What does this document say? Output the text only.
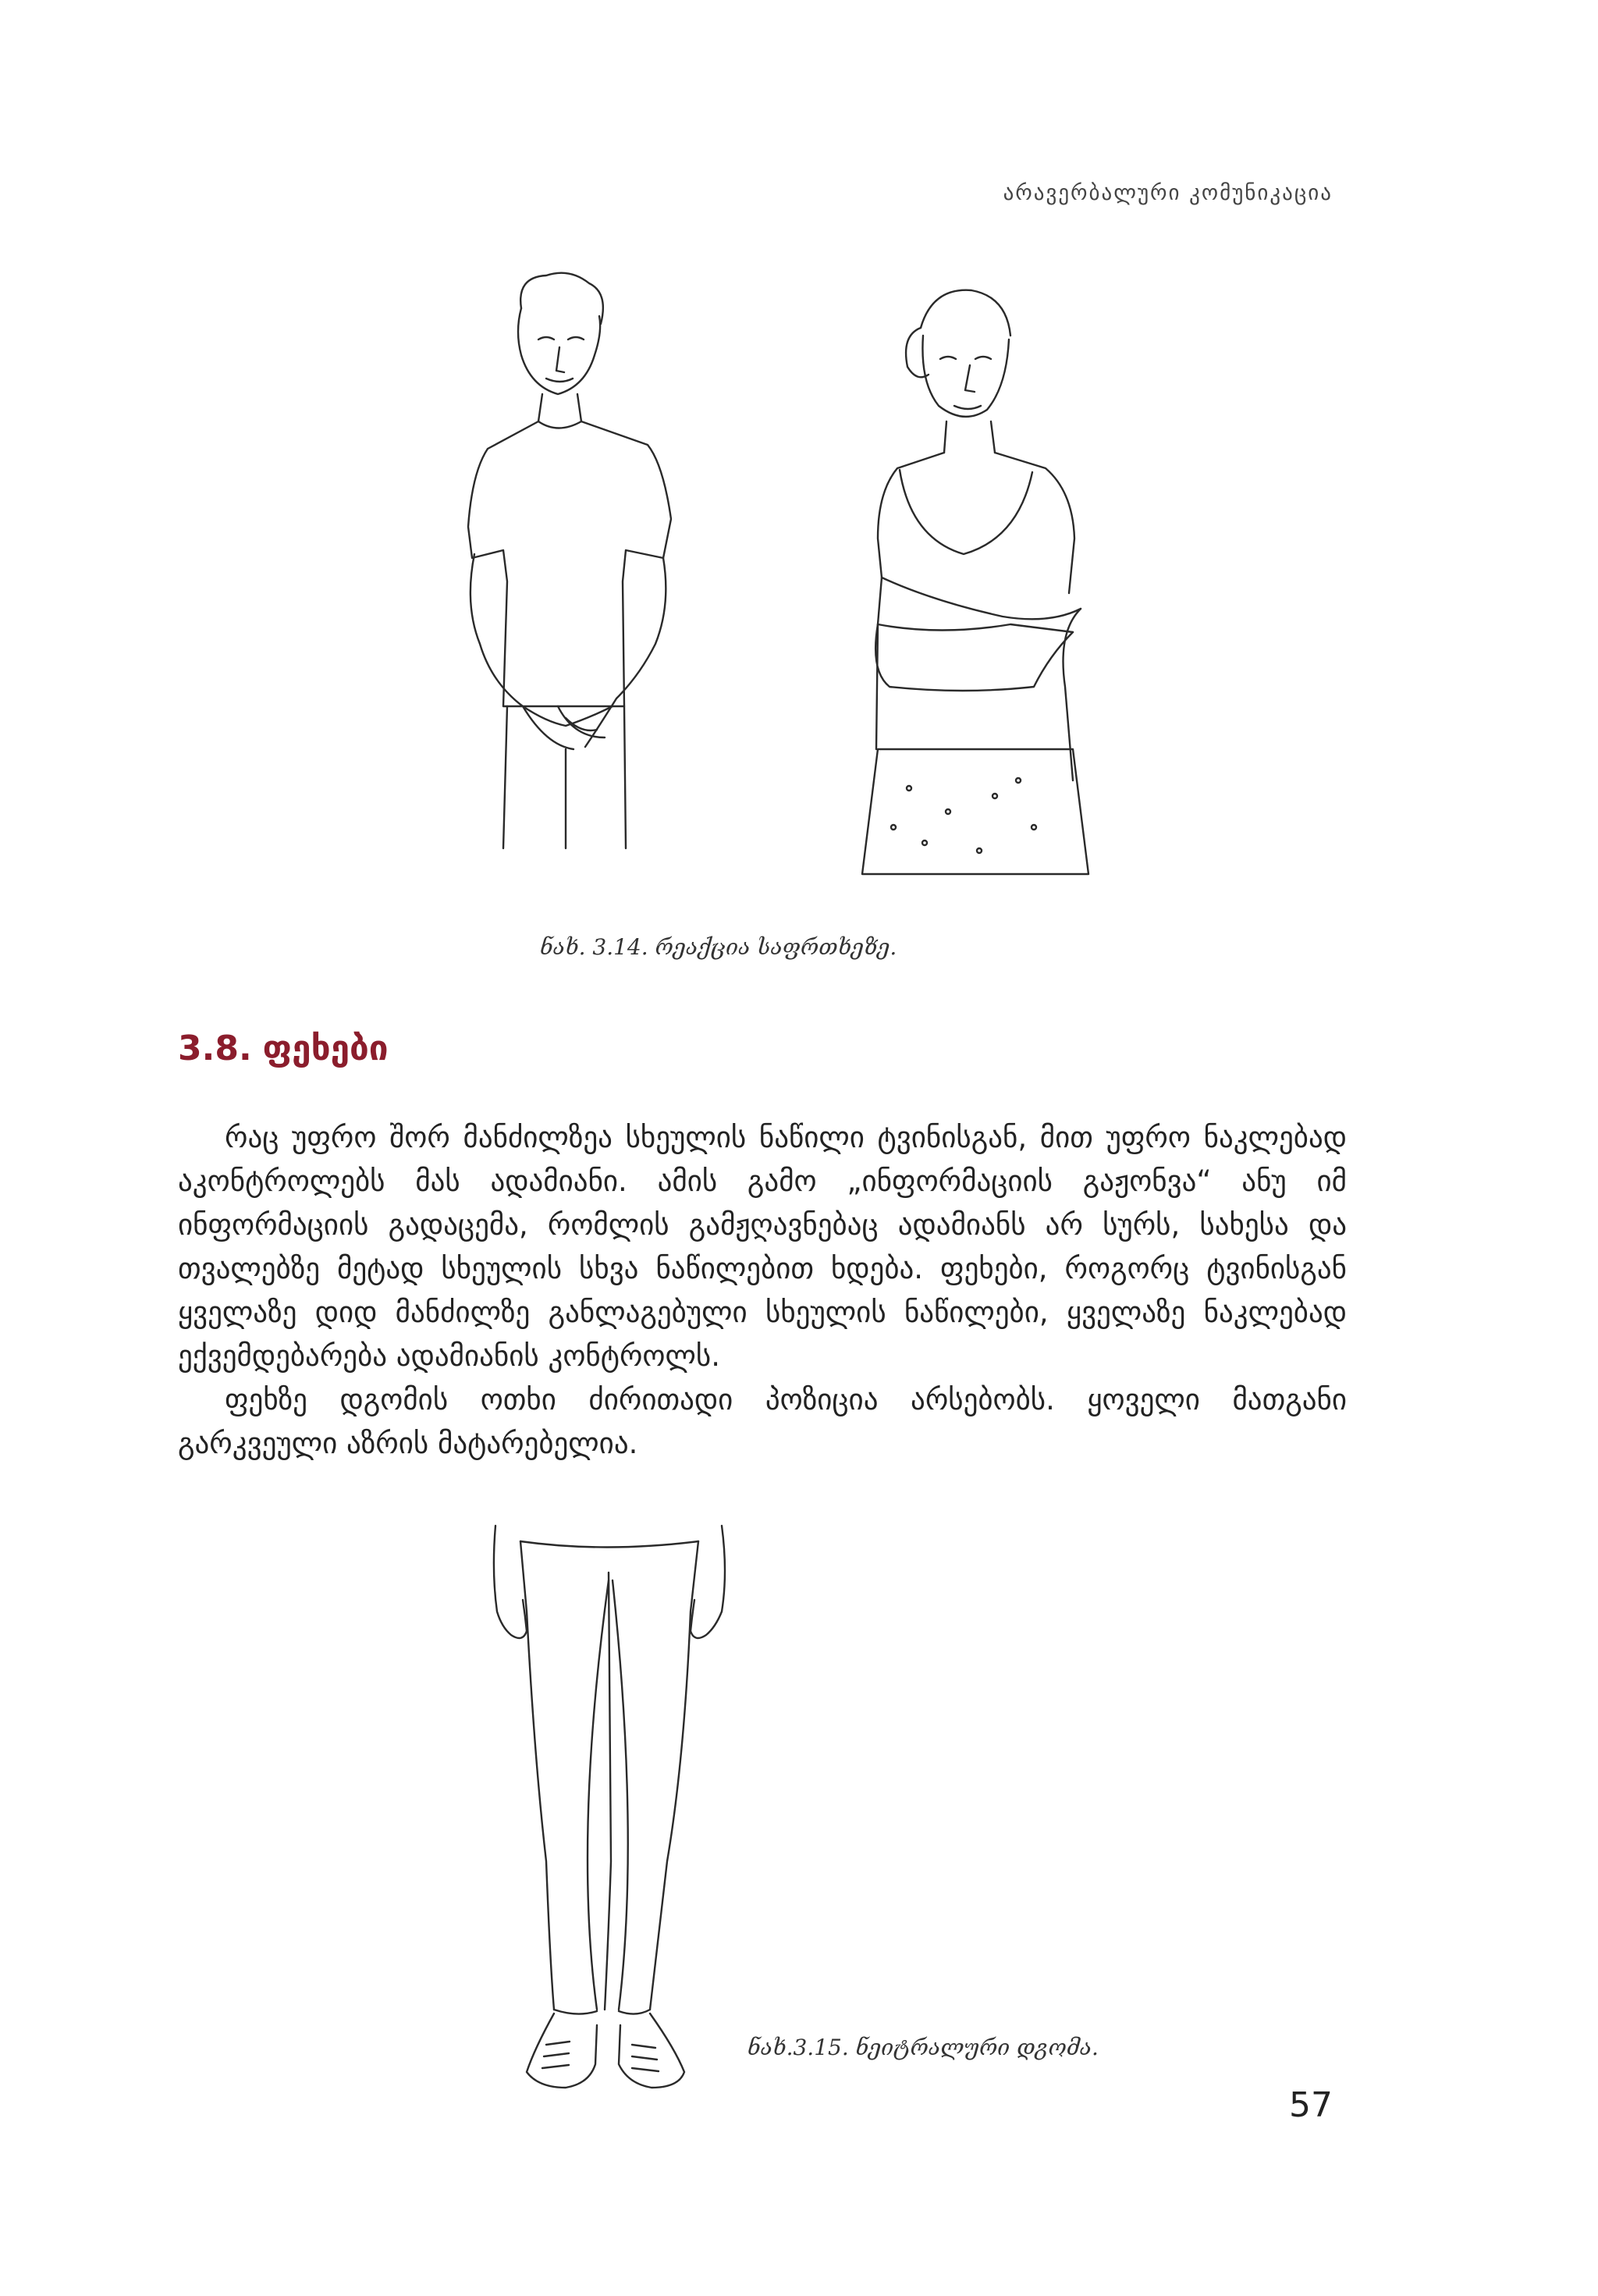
არავერბალური კომუნიკაცია
ნახ. 3.14. რეაქცია საფრთხეზე.
3.8. ფეხები

რაც უფრო შორ მანძილზეა სხეულის ნაწილი ტვინისგან, მით უფრო ნაკლებად აკონტროლებს მას ადამიანი. ამის გამო „ინფორმაციის გაჟონვა“ ანუ იმ ინფორმაციის გადაცემა, რომლის გამჟღავნებაც ადამიანს არ სურს, სახესა და თვალებზე მეტად სხეულის სხვა ნაწილებით ხდება. ფეხები, როგორც ტვინისგან ყველაზე დიდ მანძილზე განლაგებული სხეულის ნაწილები, ყველაზე ნაკლებად ექვემდებარება ადამიანის კონტროლს.

ფეხზე დგომის ოთხი ძირითადი პოზიცია არსებობს. ყოველი მათგანი გარკვეული აზრის მატარებელია.

ნახ.3.15. ნეიტრალური დგომა.
57
